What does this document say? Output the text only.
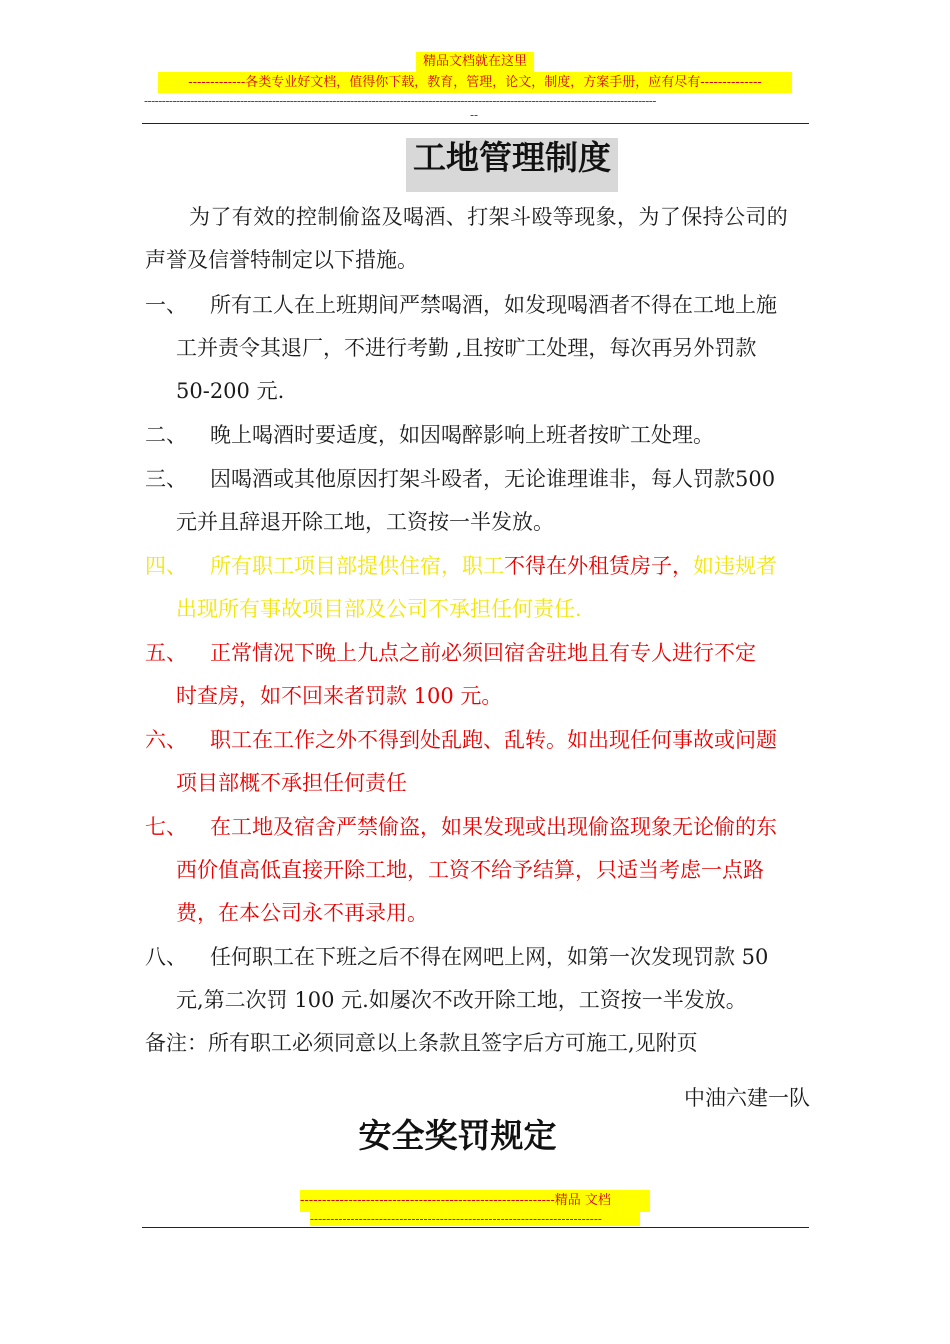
精品文档就在这里
-------------各类专业好文档，值得你下载，教育，管理，论文，制度，方案手册，应有尽有--------------
------------------------------------------------------------------------------------------------------------------------------------------------
--
工地管理制度
为了有效的控制偷盗及喝酒、打架斗殴等现象，为了保持公司的
声誉及信誉特制定以下措施。
一、	所有工人在上班期间严禁喝酒，如发现喝酒者不得在工地上施
工并责令其退厂，不进行考勤 ,且按旷工处理，每次再另外罚款
50-200 元.
二、	晚上喝酒时要适度，如因喝醉影响上班者按旷工处理。
三、	因喝酒或其他原因打架斗殴者，无论谁理谁非，每人罚款500
元并且辞退开除工地，工资按一半发放。
四、	所有职工项目部提供住宿，职工不得在外租赁房子，如违规者
出现所有事故项目部及公司不承担任何责任.
五、	正常情况下晚上九点之前必须回宿舍驻地且有专人进行不定
时查房，如不回来者罚款 100 元。
六、	职工在工作之外不得到处乱跑、乱转。如出现任何事故或问题
项目部概不承担任何责任
七、	在工地及宿舍严禁偷盗，如果发现或出现偷盗现象无论偷的东
西价值高低直接开除工地，工资不给予结算，只适当考虑一点路
费，在本公司永不再录用。
八、	任何职工在下班之后不得在网吧上网，如第一次发现罚款 50
元,第二次罚 100 元.如屡次不改开除工地，工资按一半发放。
备注：所有职工必须同意以上条款且签字后方可施工,见附页
中油六建一队
安全奖罚规定
----------------------------------------------------------精品 文档
------------------------------------------------------------------------
